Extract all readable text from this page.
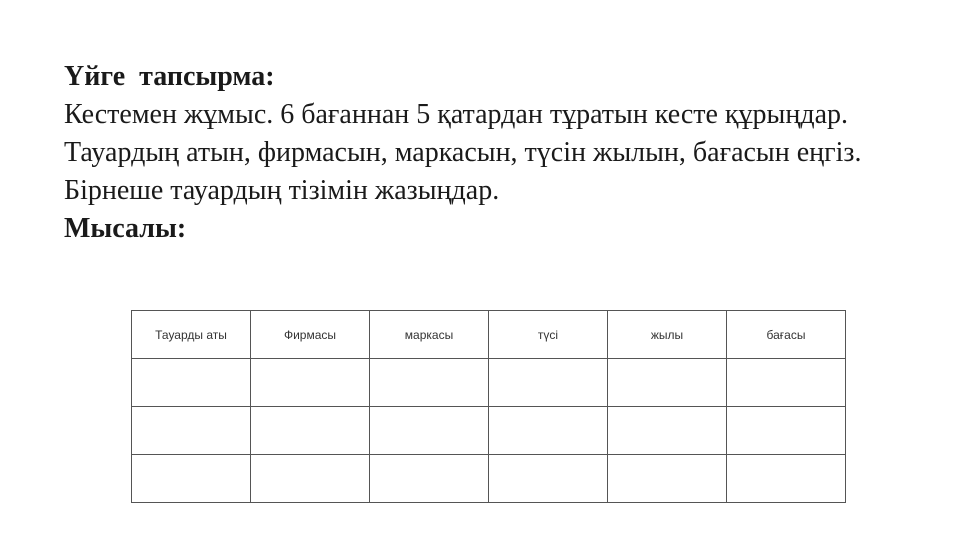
Үйге  тапсырма:
Кестемен жұмыс. 6 бағаннан 5 қатардан тұратын кесте құрыңдар. Тауардың атын, фирмасын, маркасын, түсін жылын, бағасын еңгіз. Бірнеше тауардың тізімін жазыңдар.
Мысалы:
Тауарды аты	Фирмасы	маркасы	түсі	жылы	бағасы
